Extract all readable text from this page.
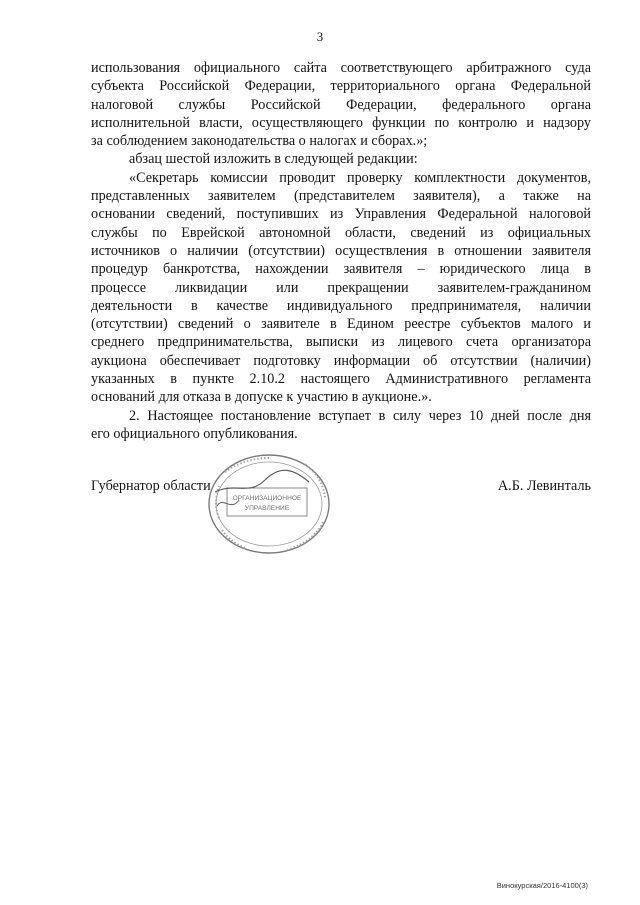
3
использования официального сайта соответствующего арбитражного суда
субъекта Российской Федерации, территориального органа Федеральной
налоговой службы Российской Федерации, федерального органа
исполнительной власти, осуществляющего функции по контролю и надзору
за соблюдением законодательства о налогах и сборах.»;
абзац шестой изложить в следующей редакции:
«Секретарь комиссии проводит проверку комплектности документов,
представленных заявителем (представителем заявителя), а также на
основании сведений, поступивших из Управления Федеральной налоговой
службы по Еврейской автономной области, сведений из официальных
источников о наличии (отсутствии) осуществления в отношении заявителя
процедур банкротства, нахождении заявителя – юридического лица в
процессе ликвидации или прекращении заявителем-гражданином
деятельности в качестве индивидуального предпринимателя, наличии
(отсутствии) сведений о заявителе в Едином реестре субъектов малого и
среднего предпринимательства, выписки из лицевого счета организатора
аукциона обеспечивает подготовку информации об отсутствии (наличии)
указанных в пункте 2.10.2 настоящего Административного регламента
оснований для отказа в допуске к участию в аукционе.».
2. Настоящее постановление вступает в силу через 10 дней после дня
его официального опубликования.
Губернатор области	А.Б. Левинталь
ОРГАНИЗАЦИОННОЕ
УПРАВЛЕНИЕ
Винокурская/2016-4100(3)
